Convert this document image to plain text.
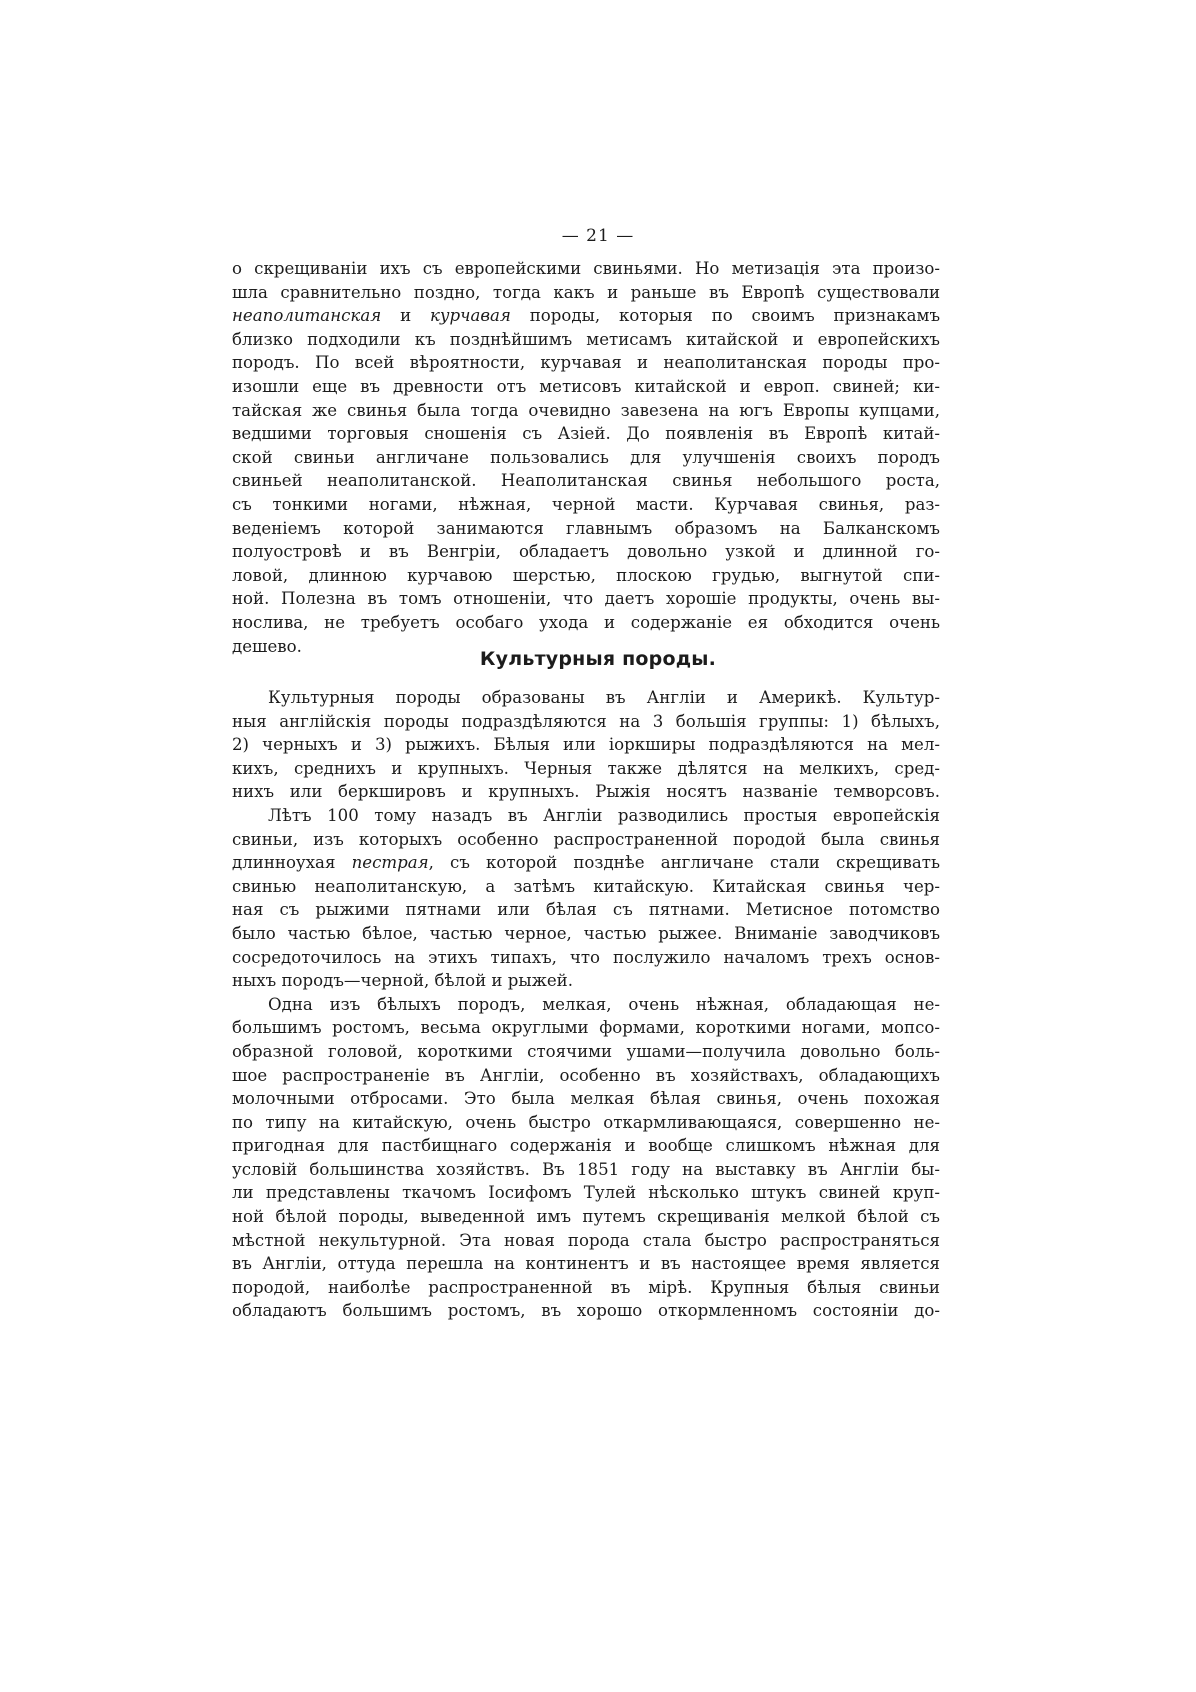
— 21 —
о скрещиваніи ихъ съ европейскими свиньями. Но метизація эта произо-
шла сравнительно поздно, тогда какъ и раньше въ Европѣ существовали
неаполитанская и курчавая породы, которыя по своимъ признакамъ
близко подходили къ позднѣйшимъ метисамъ китайской и европейскихъ
породъ. По всей вѣроятности, курчавая и неаполитанская породы про-
изошли еще въ древности отъ метисовъ китайской и европ. свиней; ки-
тайская же свинья была тогда очевидно завезена на югъ Европы купцами,
ведшими торговыя сношенія съ Азіей. До появленія въ Европѣ китай-
ской свиньи англичане пользовались для улучшенія своихъ породъ
свиньей неаполитанской. Неаполитанская свинья небольшого роста,
съ тонкими ногами, нѣжная, черной масти. Курчавая свинья, раз-
веденіемъ которой занимаются главнымъ образомъ на Балканскомъ
полуостровѣ и въ Венгріи, обладаетъ довольно узкой и длинной го-
ловой, длинною курчавою шерстью, плоскою грудью, выгнутой спи-
ной. Полезна въ томъ отношеніи, что даетъ хорошіе продукты, очень вы-
нослива, не требуетъ особаго ухода и содержаніе ея обходится очень
дешево.
Культурныя породы.
Культурныя породы образованы въ Англіи и Америкѣ. Культур-
ныя англійскія породы подраздѣляются на 3 большія группы: 1) бѣлыхъ,
2) черныхъ и 3) рыжихъ. Бѣлыя или іоркширы подраздѣляются на мел-
кихъ, среднихъ и крупныхъ. Черныя также дѣлятся на мелкихъ, сред-
нихъ или беркшировъ и крупныхъ. Рыжія носятъ названіе темворсовъ.
Лѣтъ 100 тому назадъ въ Англіи разводились простыя европейскія
свиньи, изъ которыхъ особенно распространенной породой была свинья
длинноухая пестрая, съ которой позднѣе англичане стали скрещивать
свинью неаполитанскую, а затѣмъ китайскую. Китайская свинья чер-
ная съ рыжими пятнами или бѣлая съ пятнами. Метисное потомство
было частью бѣлое, частью черное, частью рыжее. Вниманіе заводчиковъ
сосредоточилось на этихъ типахъ, что послужило началомъ трехъ основ-
ныхъ породъ—черной, бѣлой и рыжей.
Одна изъ бѣлыхъ породъ, мелкая, очень нѣжная, обладающая не-
большимъ ростомъ, весьма округлыми формами, короткими ногами, мопсо-
образной головой, короткими стоячими ушами—получила довольно боль-
шое распространеніе въ Англіи, особенно въ хозяйствахъ, обладающихъ
молочными отбросами. Это была мелкая бѣлая свинья, очень похожая
по типу на китайскую, очень быстро откармливающаяся, совершенно не-
пригодная для пастбищнаго содержанія и вообще слишкомъ нѣжная для
условій большинства хозяйствъ. Въ 1851 году на выставку въ Англіи бы-
ли представлены ткачомъ Іосифомъ Тулей нѣсколько штукъ свиней круп-
ной бѣлой породы, выведенной имъ путемъ скрещиванія мелкой бѣлой съ
мѣстной некультурной. Эта новая порода стала быстро распространяться
въ Англіи, оттуда перешла на континентъ и въ настоящее время является
породой, наиболѣе распространенной въ мірѣ. Крупныя бѣлыя свиньи
обладаютъ большимъ ростомъ, въ хорошо откормленномъ состояніи до-
